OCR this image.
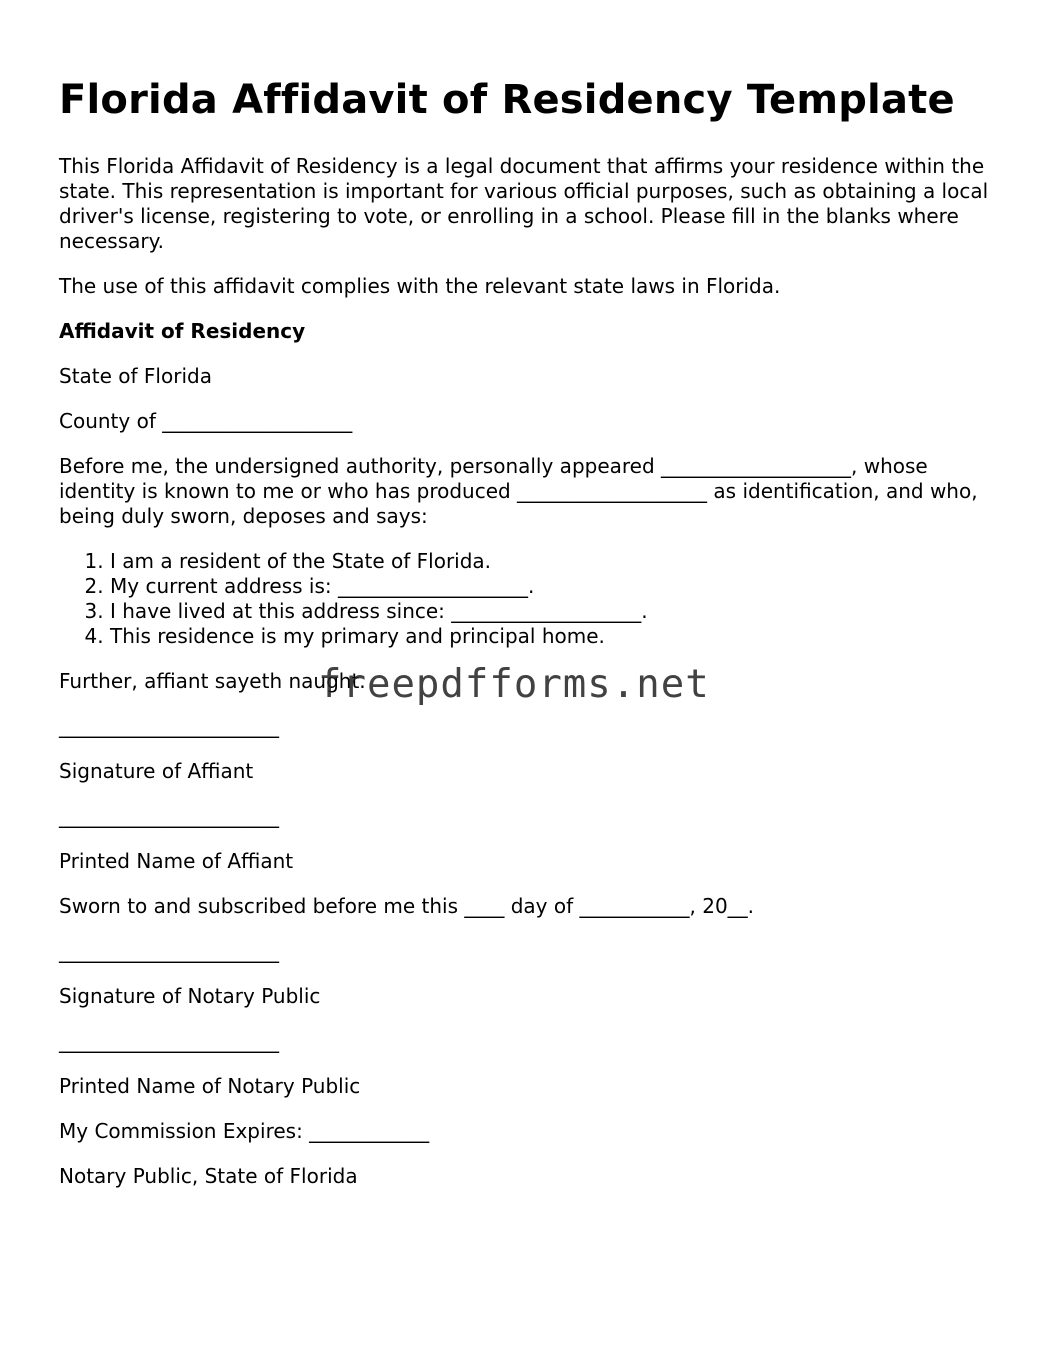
Florida Affidavit of Residency Template

This Florida Affidavit of Residency is a legal document that affirms your residence within the state. This representation is important for various official purposes, such as obtaining a local driver's license, registering to vote, or enrolling in a school. Please fill in the blanks where necessary.

The use of this affidavit complies with the relevant state laws in Florida.

Affidavit of Residency

State of Florida

County of ___________________

Before me, the undersigned authority, personally appeared ___________________, whose identity is known to me or who has produced ___________________ as identification, and who, being duly sworn, deposes and says:

1. I am a resident of the State of Florida.
2. My current address is: ___________________.
3. I have lived at this address since: ___________________.
4. This residence is my primary and principal home.

Further, affiant sayeth naught.

______________________

Signature of Affiant

______________________

Printed Name of Affiant

Sworn to and subscribed before me this ____ day of ___________, 20__.

______________________

Signature of Notary Public

______________________

Printed Name of Notary Public

My Commission Expires: ____________

Notary Public, State of Florida

freepdfforms.net
